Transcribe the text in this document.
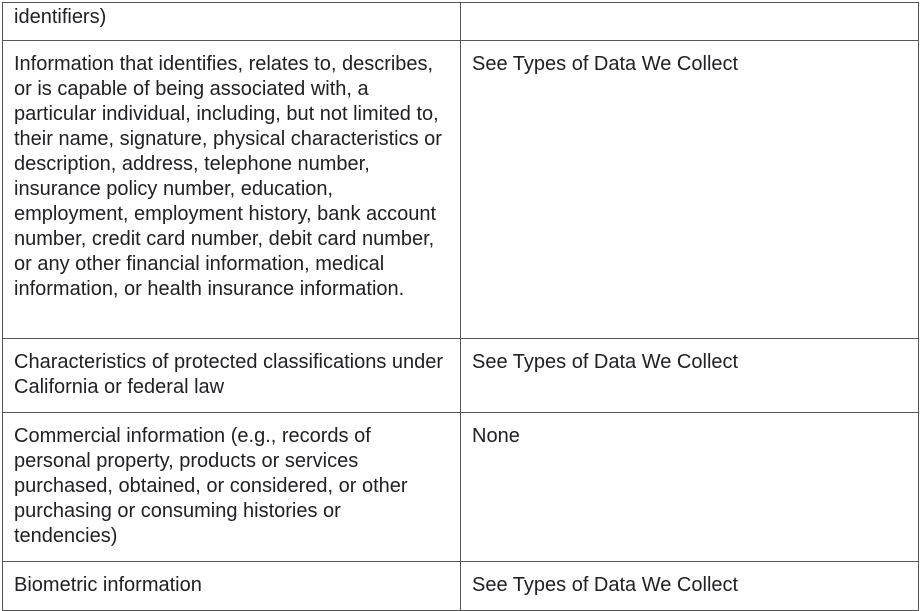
identifiers)	

Information that identifies, relates to, describes, or is capable of being associated with, a particular individual, including, but not limited to, their name, signature, physical characteristics or description, address, telephone number, insurance policy number, education, employment, employment history, bank account number, credit card number, debit card number, or any other financial information, medical information, or health insurance information.	See Types of Data We Collect

Characteristics of protected classifications under California or federal law	See Types of Data We Collect

Commercial information (e.g., records of personal property, products or services purchased, obtained, or considered, or other purchasing or consuming histories or tendencies)	None

Biometric information	See Types of Data We Collect
